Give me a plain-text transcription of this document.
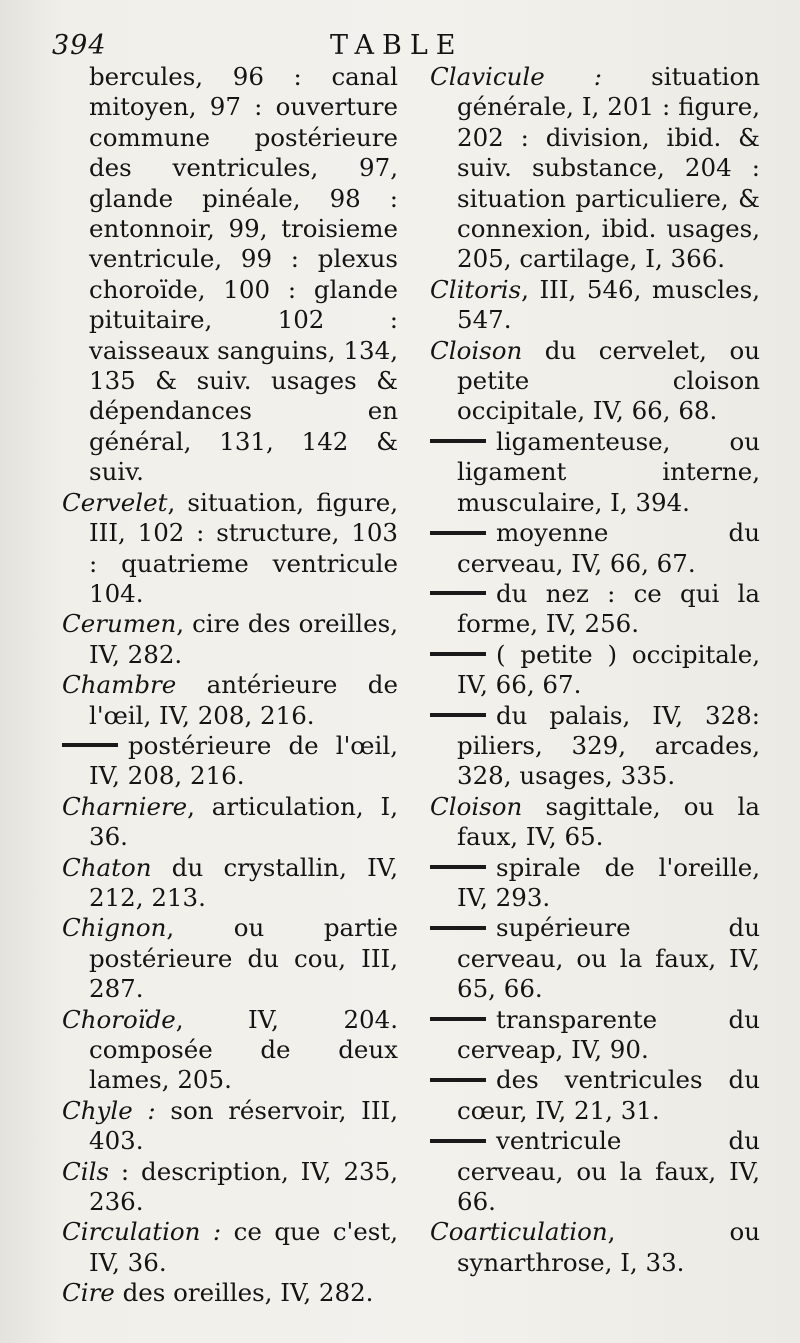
394	TABLE

bercules, 96 : canal mitoyen, 97 : ouverture commune postérieure des ventricules, 97, glande pinéale, 98 : entonnoir, 99, troisieme ventricule, 99 : plexus choroïde, 100 : glande pituitaire, 102 : vaisseaux sanguins, 134, 135 & suiv. usages & dépendances en général, 131, 142 & suiv.

Cervelet, situation, figure, III, 102 : structure, 103 : quatrieme ventricule 104.

Cerumen, cire des oreilles, IV, 282.

Chambre antérieure de l'œil, IV, 208, 216.

postérieure de l'œil, IV, 208, 216.

Charniere, articulation, I, 36.

Chaton du crystallin, IV, 212, 213.

Chignon, ou partie postérieure du cou, III, 287.

Choroïde, IV, 204. composée de deux lames, 205.

Chyle : son réservoir, III, 403.

Cils : description, IV, 235, 236.

Circulation : ce que c'est, IV, 36.

Cire des oreilles, IV, 282.

Clavicule : situation générale, I, 201 : figure, 202 : division, ibid. & suiv. substance, 204 : situation particuliere, & connexion, ibid. usages, 205, cartilage, I, 366.

Clitoris, III, 546, muscles, 547.

Cloison du cervelet, ou petite cloison occipitale, IV, 66, 68.

ligamenteuse, ou ligament interne, musculaire, I, 394.

moyenne du cerveau, IV, 66, 67.

du nez : ce qui la forme, IV, 256.

( petite ) occipitale, IV, 66, 67.

du palais, IV, 328: piliers, 329, arcades, 328, usages, 335.

Cloison sagittale, ou la faux, IV, 65.

spirale de l'oreille, IV, 293.

supérieure du cerveau, ou la faux, IV, 65, 66.

transparente du cerveap, IV, 90.

des ventricules du cœur, IV, 21, 31.

ventricule du cerveau, ou la faux, IV, 66.

Coarticulation, ou synarthrose, I, 33.
